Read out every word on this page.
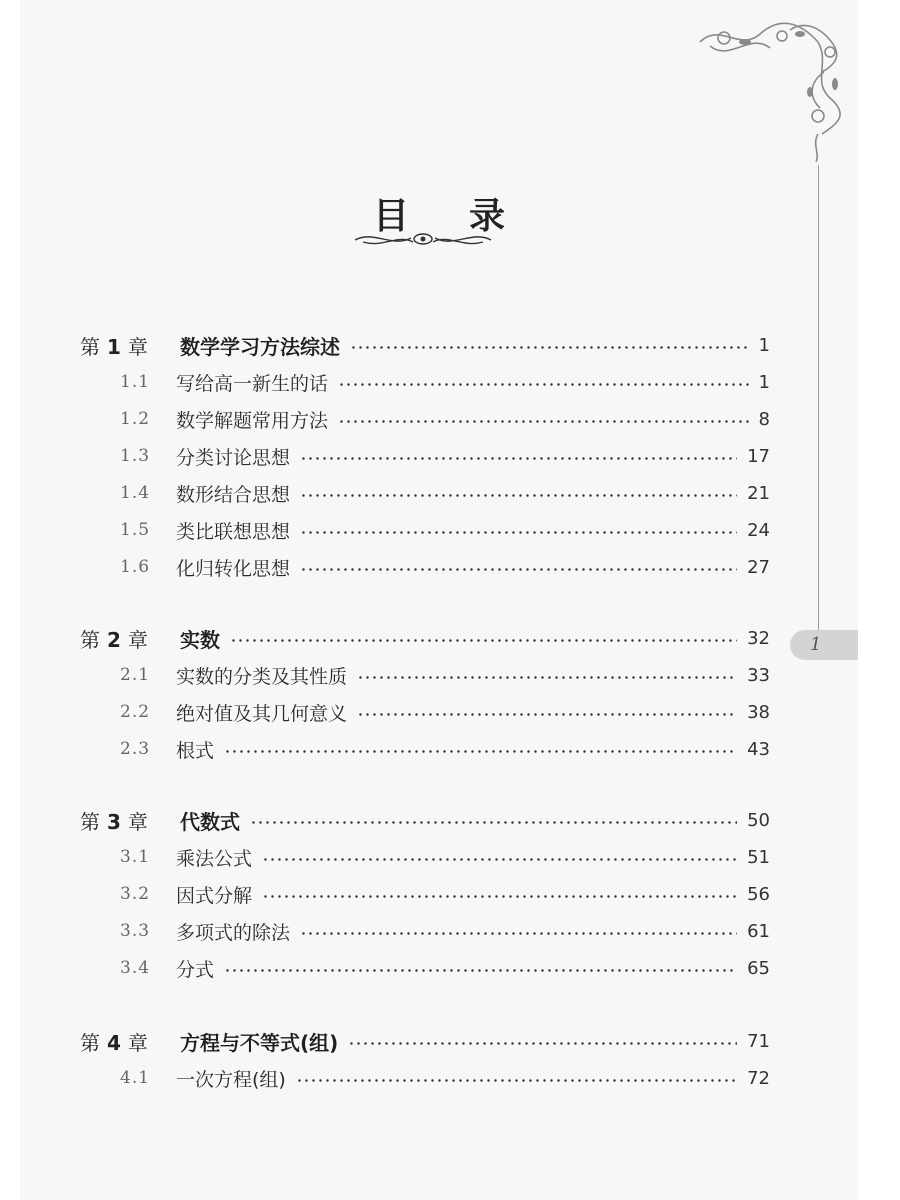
1
目录
第 1 章	数学学习方法综述	1
1.1	写给高一新生的话	1
1.2	数学解题常用方法	8
1.3	分类讨论思想	17
1.4	数形结合思想	21
1.5	类比联想思想	24
1.6	化归转化思想	27
第 2 章	实数	32
2.1	实数的分类及其性质	33
2.2	绝对值及其几何意义	38
2.3	根式	43
第 3 章	代数式	50
3.1	乘法公式	51
3.2	因式分解	56
3.3	多项式的除法	61
3.4	分式	65
第 4 章	方程与不等式(组)	71
4.1	一次方程(组)	72
